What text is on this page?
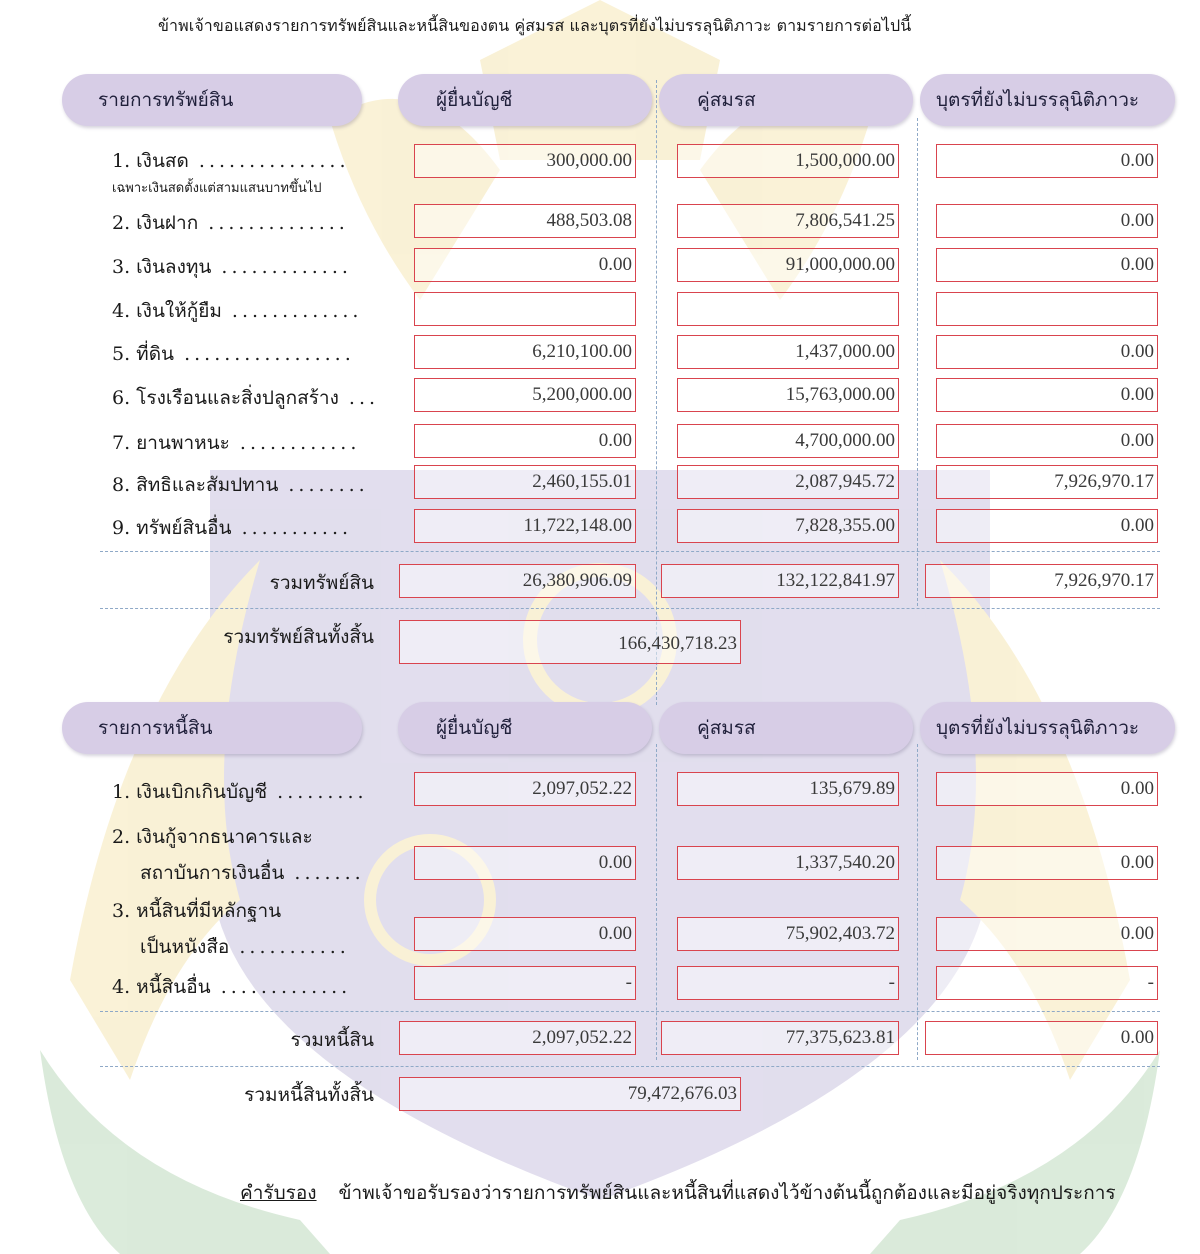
ข้าพเจ้าขอแสดงรายการทรัพย์สินและหนี้สินของตน คู่สมรส และบุตรที่ยังไม่บรรลุนิติภาวะ ตามรายการต่อไปนี้
รายการทรัพย์สิน	ผู้ยื่นบัญชี	คู่สมรส	บุตรที่ยังไม่บรรลุนิติภาวะ
1. เงินสด ...............
เฉพาะเงินสดตั้งแต่สามแสนบาทขึ้นไป
300,000.00	1,500,000.00	0.00
2. เงินฝาก ..............	488,503.08	7,806,541.25	0.00
3. เงินลงทุน .............	0.00	91,000,000.00	0.00
4. เงินให้กู้ยืม .............
5. ที่ดิน .................	6,210,100.00	1,437,000.00	0.00
6. โรงเรือนและสิ่งปลูกสร้าง ...	5,200,000.00	15,763,000.00	0.00
7. ยานพาหนะ ............	0.00	4,700,000.00	0.00
8. สิทธิและสัมปทาน ........	2,460,155.01	2,087,945.72	7,926,970.17
9. ทรัพย์สินอื่น ...........	11,722,148.00	7,828,355.00	0.00
รวมทรัพย์สิน	26,380,906.09	132,122,841.97	7,926,970.17
รวมทรัพย์สินทั้งสิ้น	166,430,718.23
รายการหนี้สิน	ผู้ยื่นบัญชี	คู่สมรส	บุตรที่ยังไม่บรรลุนิติภาวะ
1. เงินเบิกเกินบัญชี .........	2,097,052.22	135,679.89	0.00
2. เงินกู้จากธนาคารและ
สถาบันการเงินอื่น .......	0.00	1,337,540.20	0.00
3. หนี้สินที่มีหลักฐาน
เป็นหนังสือ ...........
0.00	75,902,403.72	0.00
4. หนี้สินอื่น .............	-	-	-
รวมหนี้สิน	2,097,052.22	77,375,623.81	0.00
รวมหนี้สินทั้งสิ้น	79,472,676.03
คำรับรอง ข้าพเจ้าขอรับรองว่ารายการทรัพย์สินและหนี้สินที่แสดงไว้ข้างต้นนี้ถูกต้องและมีอยู่จริงทุกประการ
